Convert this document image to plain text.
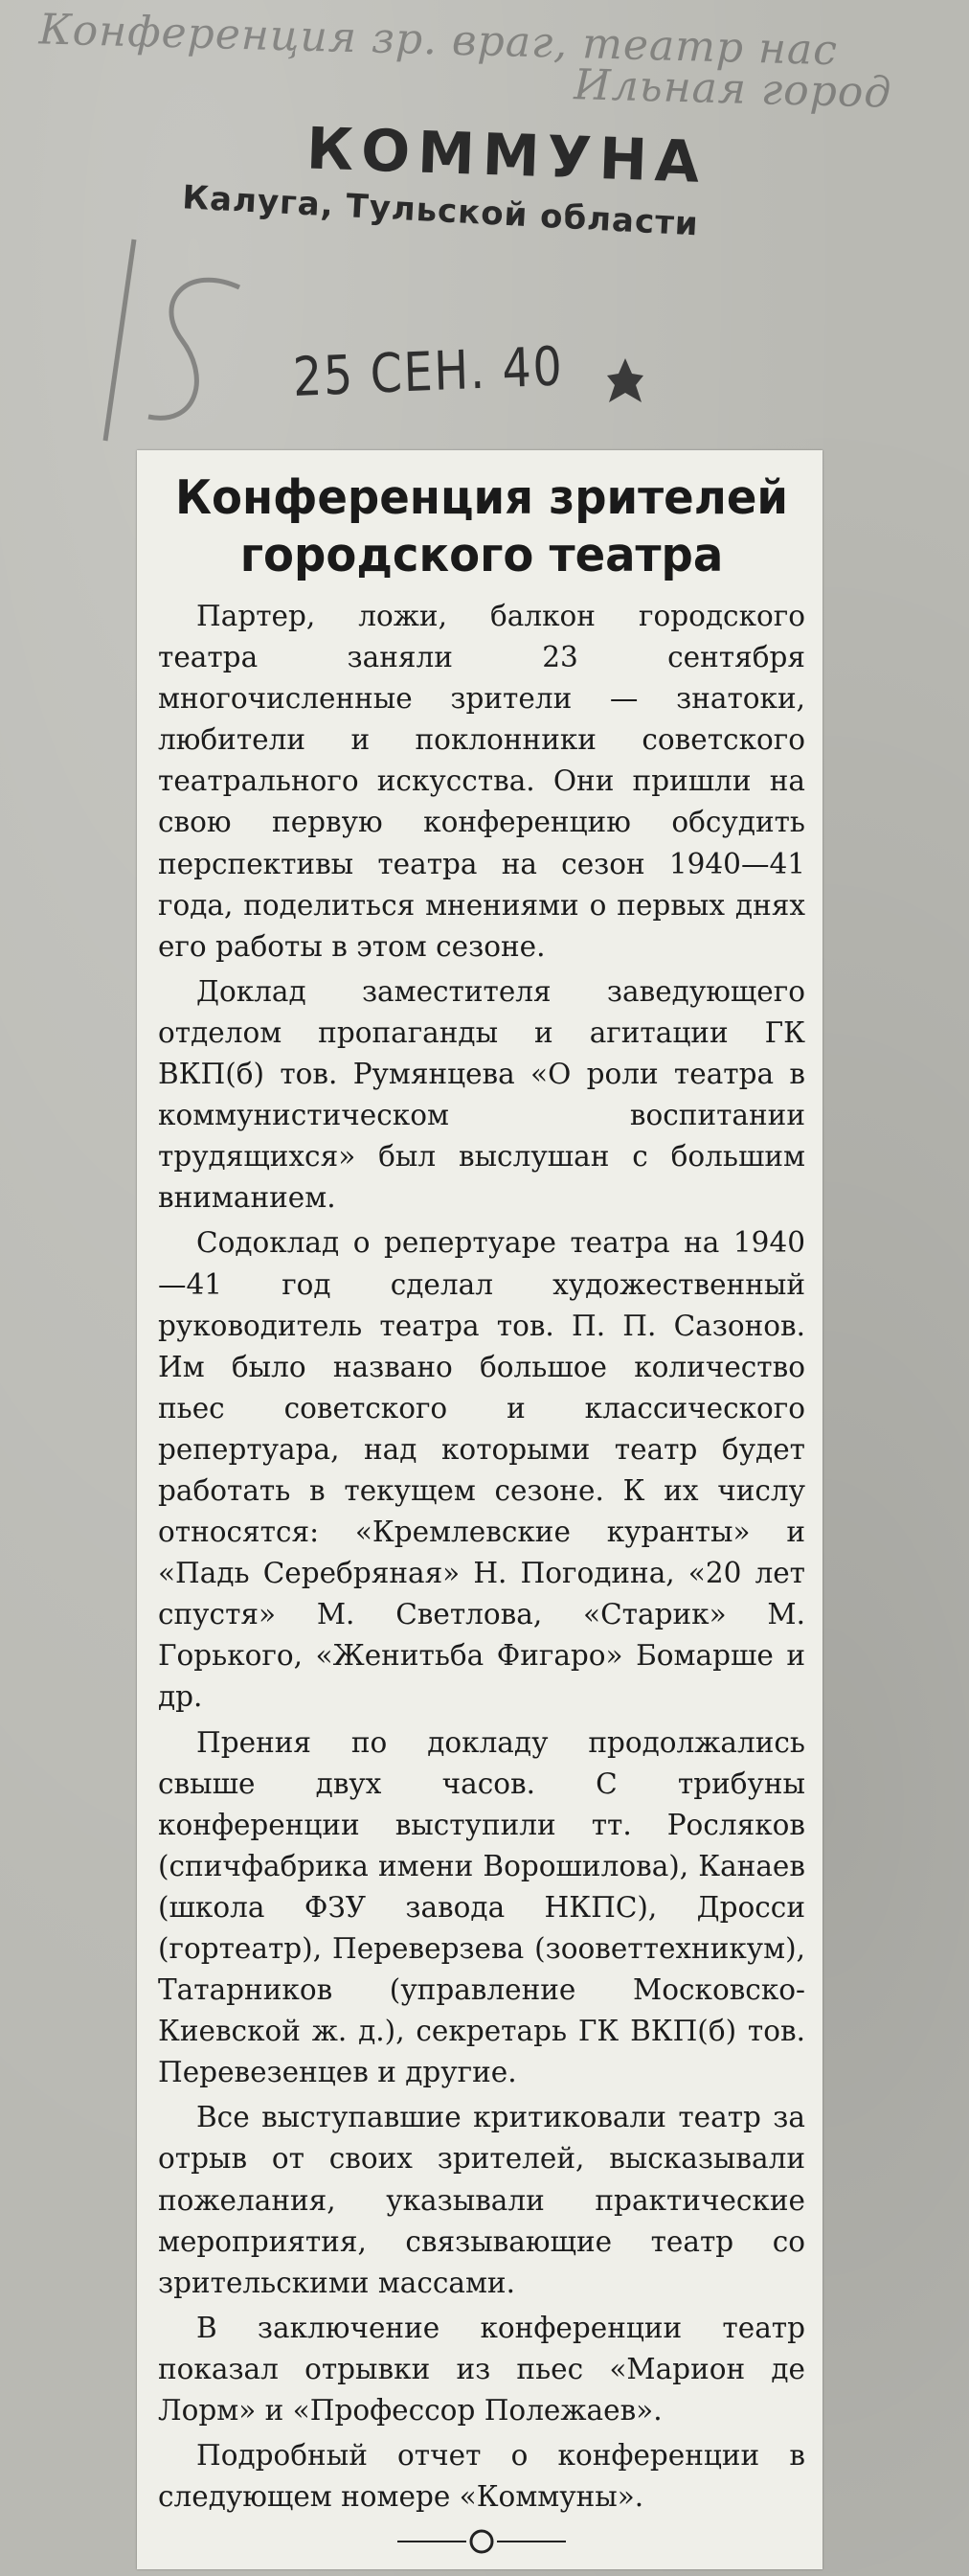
Конференция зр. враг, театр нас
Ильная город
КОММУНА
Калуга, Тульской области
25 СЕН. 40
Конференция зрителей
городского театра

Партер, ложи, балкон городского театра заняли 23 сентября многочисленные зрители — знатоки, любители и поклонники советского театрального искусства. Они пришли на свою первую конференцию обсудить перспективы театра на сезон 1940—41 года, поделиться мнениями о первых днях его работы в этом сезоне.

Доклад заместителя заведующего отделом пропаганды и агитации ГК ВКП(б) тов. Румянцева «О роли театра в коммунистическом воспитании трудящихся» был выслушан с большим вниманием.

Содоклад о репертуаре театра на 1940—41 год сделал художественный руководитель театра тов. П. П. Сазонов. Им было названо большое количество пьес советского и классического репертуара, над которыми театр будет работать в текущем сезоне. К их числу относятся: «Кремлевские куранты» и «Падь Серебряная» Н. Погодина, «20 лет спустя» М. Светлова, «Старик» М. Горького, «Женитьба Фигаро» Бомарше и др.

Прения по докладу продолжались свыше двух часов. С трибуны конференции выступили тт. Росляков (спичфабрика имени Ворошилова), Канаев (школа ФЗУ завода НКПС), Дросси (гортеатр), Переверзева (зооветтехникум), Татарников (управление Московско-Киевской ж. д.), секретарь ГК ВКП(б) тов. Перевезенцев и другие.

Все выступавшие критиковали театр за отрыв от своих зрителей, высказывали пожелания, указывали практические мероприятия, связывающие театр со зрительскими массами.

В заключение конференции театр показал отрывки из пьес «Марион де Лорм» и «Профессор Полежаев».

Подробный отчет о конференции в следующем номере «Коммуны».
